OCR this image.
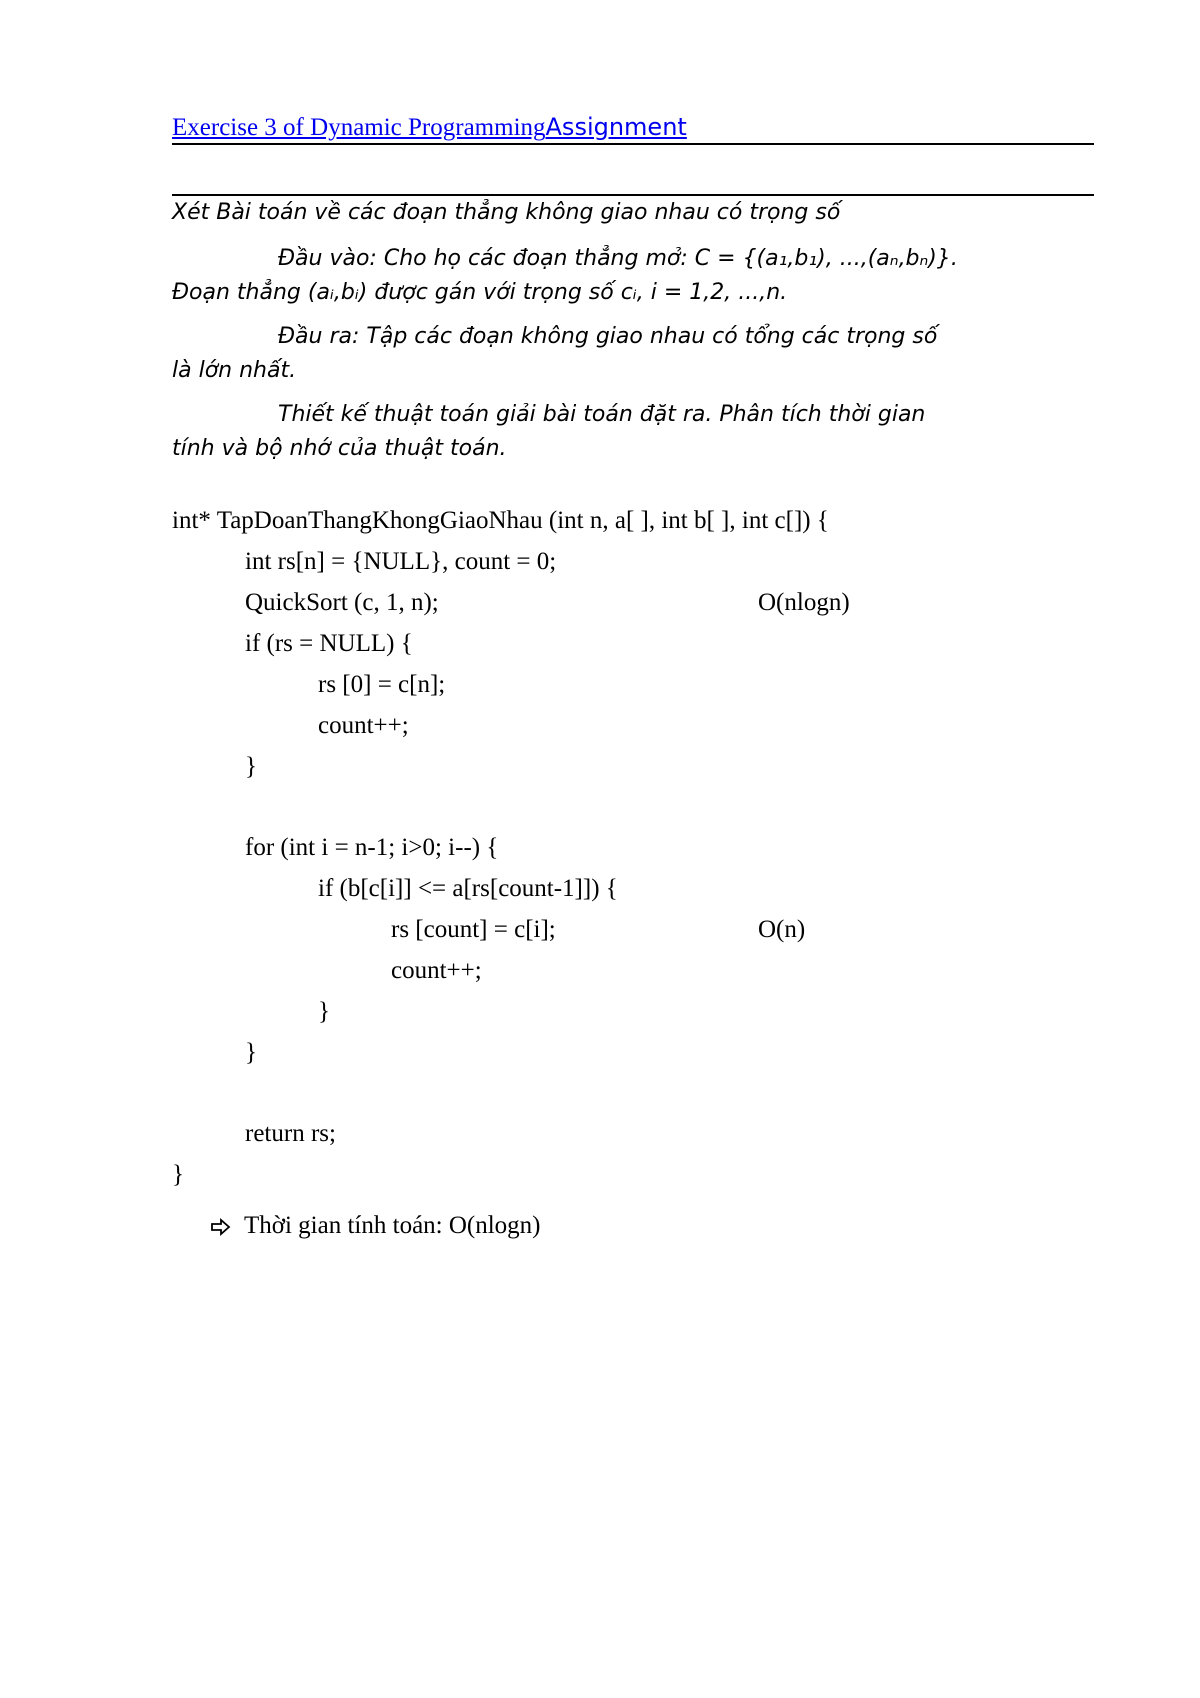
Exercise 3 of Dynamic ProgrammingAssignment
Xét Bài toán về các đoạn thẳng không giao nhau có trọng số
Đầu vào: Cho họ các đoạn thẳng mở: C = {(a₁,b₁), ...,(aₙ,bₙ)}.
Đoạn thẳng (aᵢ,bᵢ) được gán với trọng số cᵢ, i = 1,2, ...,n.
Đầu ra: Tập các đoạn không giao nhau có tổng các trọng số
là lớn nhất.
Thiết kế thuật toán giải bài toán đặt ra. Phân tích thời gian
tính và bộ nhớ của thuật toán.
int* TapDoanThangKhongGiaoNhau (int n, a[ ], int b[ ], int c[]) {
int rs[n] = {NULL}, count = 0;
QuickSort (c, 1, n);	O(nlogn)
if (rs = NULL) {
rs [0] = c[n];
count++;
}
for (int i = n-1; i>0; i--) {
if (b[c[i]] <= a[rs[count-1]]) {
rs [count] = c[i];	O(n)
count++;
}
}
return rs;
}
Thời gian tính toán: O(nlogn)
